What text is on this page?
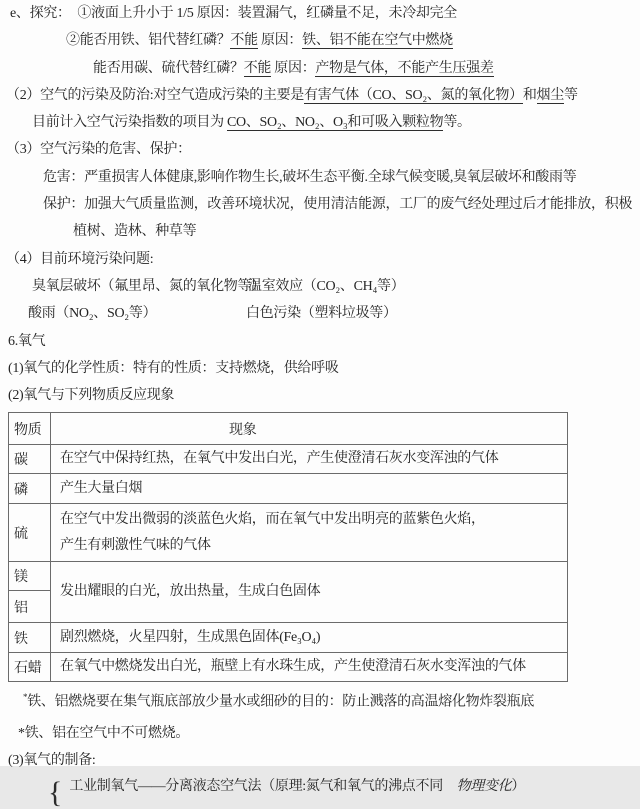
e、探究：　①液面上升小于 1/5 原因：装置漏气，红磷量不足，未冷却完全
②能否用铁、铝代替红磷？不能 原因：铁、铝不能在空气中燃烧
能否用碳、硫代替红磷？不能 原因：产物是气体，不能产生压强差
（2）空气的污染及防治:对空气造成污染的主要是有害气体（CO、SO₂、氮的氧化物）和烟尘等
目前计入空气污染指数的项目为 CO、SO₂、NO₂、O₃和可吸入颗粒物等。
（3）空气污染的危害、保护：
危害：严重损害人体健康,影响作物生长,破坏生态平衡.全球气候变暖,臭氧层破坏和酸雨等
保护：加强大气质量监测，改善环境状况，使用清洁能源，工厂的废气经处理过后才能排放，积极
植树、造林、种草等
（4）目前环境污染问题:
臭氧层破坏（氟里昂、氮的氧化物等）
温室效应（CO₂、CH₄等）
酸雨（NO₂、SO₂等）	白色污染（塑料垃圾等）
6.氧气
(1)氧气的化学性质：特有的性质：支持燃烧，供给呼吸
(2)氧气与下列物质反应现象
物质	现象
碳	在空气中保持红热，在氧气中发出白光，产生使澄清石灰水变浑浊的气体

磷	产生大量白烟

硫	在空气中发出微弱的淡蓝色火焰，而在氧气中发出明亮的蓝紫色火焰，
产生有刺激性气味的气体

镁	发出耀眼的白光，放出热量，生成白色固体

铝	
铁	剧烈燃烧，火星四射，生成黑色固体(Fe₃O₄)

石蜡	在氧气中燃烧发出白光，瓶壁上有水珠生成，产生使澄清石灰水变浑浊的气体
*铁、铝燃烧要在集气瓶底部放少量水或细砂的目的：防止溅落的高温熔化物炸裂瓶底
*铁、铝在空气中不可燃烧。
(3)氧气的制备:
{ 工业制氧气——分离液态空气法（原理:氮气和氧气的沸点不同　物理变化）
